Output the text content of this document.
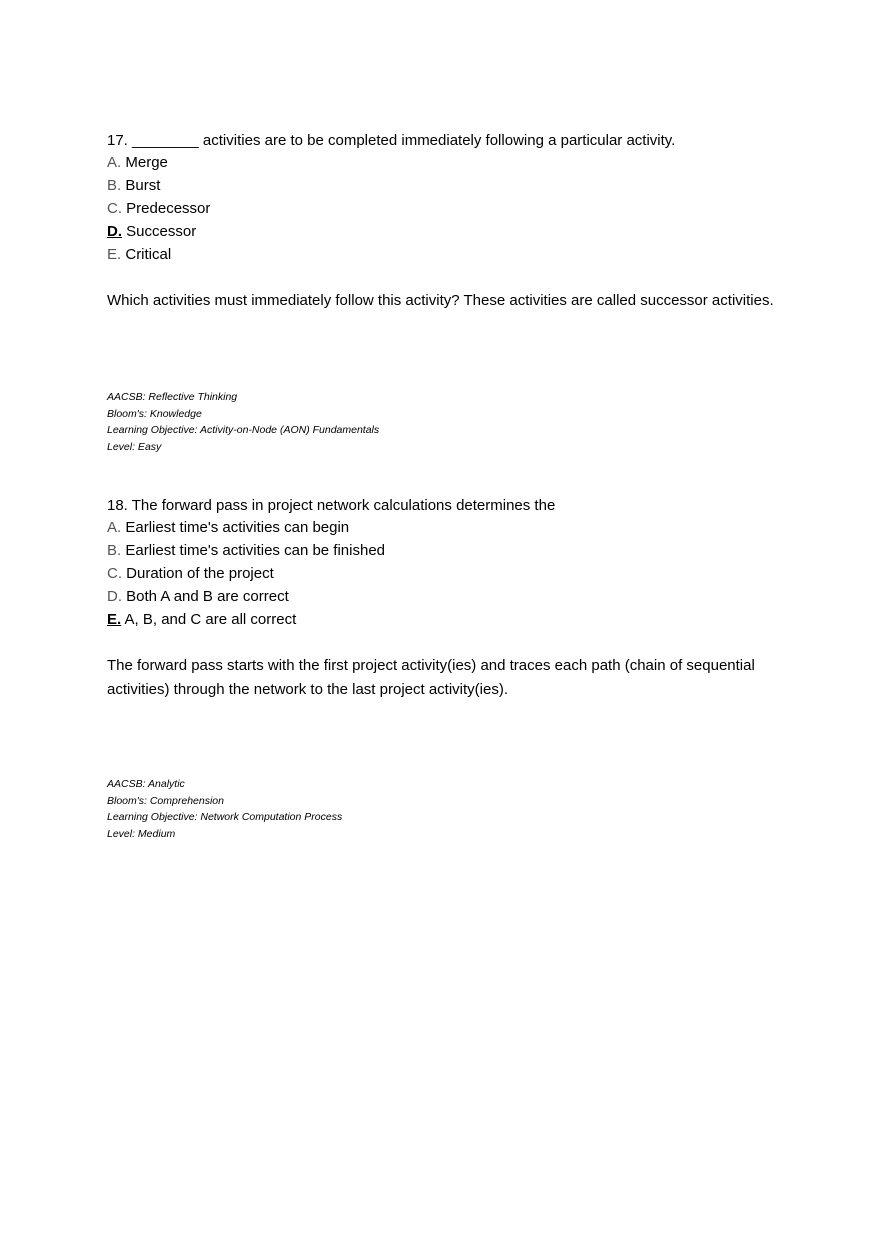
17. ________ activities are to be completed immediately following a particular activity.
A. Merge
B. Burst
C. Predecessor
D. Successor
E. Critical
Which activities must immediately follow this activity? These activities are called successor activities.
AACSB: Reflective Thinking
Bloom's: Knowledge
Learning Objective: Activity-on-Node (AON) Fundamentals
Level: Easy
18. The forward pass in project network calculations determines the
A. Earliest time's activities can begin
B. Earliest time's activities can be finished
C. Duration of the project
D. Both A and B are correct
E. A, B, and C are all correct
The forward pass starts with the first project activity(ies) and traces each path (chain of sequential activities) through the network to the last project activity(ies).
AACSB: Analytic
Bloom's: Comprehension
Learning Objective: Network Computation Process
Level: Medium
